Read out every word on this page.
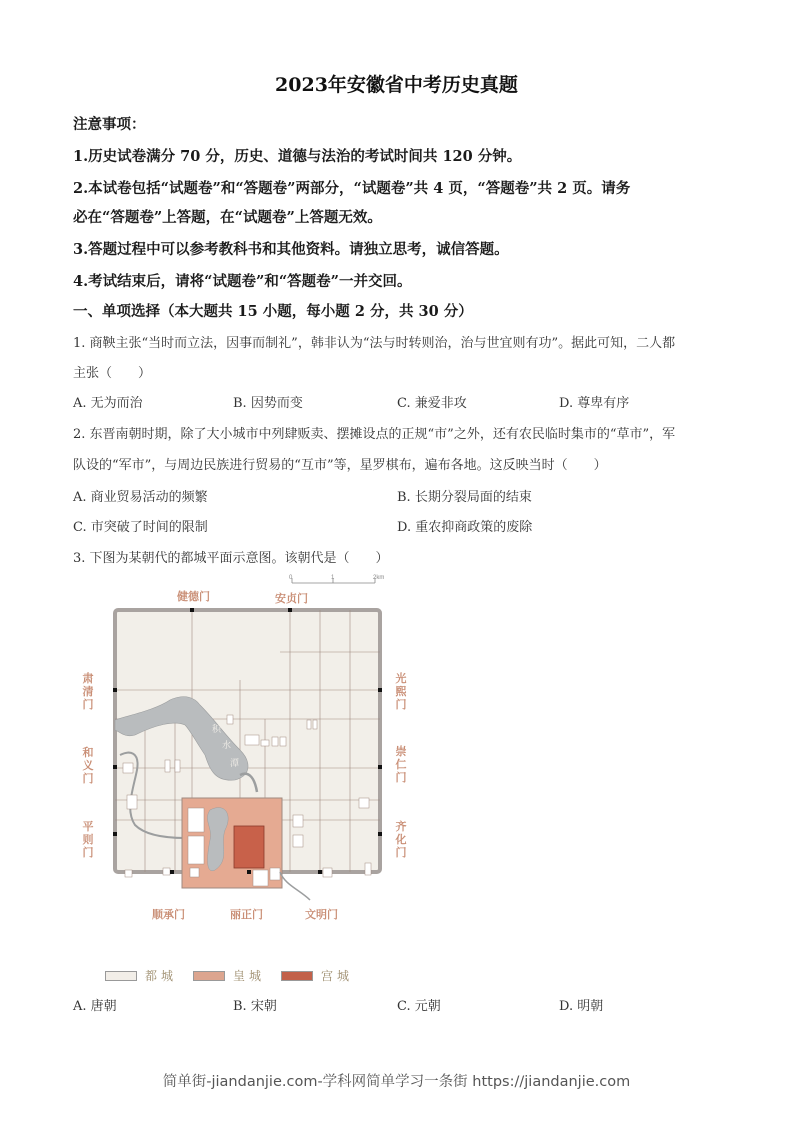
2023年安徽省中考历史真题
注意事项：
1.历史试卷满分 70 分，历史、道德与法治的考试时间共 120 分钟。
2.本试卷包括“试题卷”和“答题卷”两部分，“试题卷”共 4 页，“答题卷”共 2 页。请务
必在“答题卷”上答题，在“试题卷”上答题无效。
3.答题过程中可以参考教科书和其他资料。请独立思考，诚信答题。
4.考试结束后，请将“试题卷”和“答题卷”一并交回。
一、单项选择（本大题共 15 小题，每小题 2 分，共 30 分）
1. 商鞅主张“当时而立法，因事而制礼”，韩非认为“法与时转则治，治与世宜则有功”。据此可知，二人都
主张（　　）
A. 无为而治	B. 因势而变	C. 兼爱非攻	D. 尊卑有序
2. 东晋南朝时期，除了大小城市中列肆贩卖、摆摊设点的正规“市”之外，还有农民临时集市的“草市”，军
队设的“军市”，与周边民族进行贸易的“互市”等，星罗棋布，遍布各地。这反映当时（　　）
A. 商业贸易活动的频繁	B. 长期分裂局面的结束
C. 市突破了时间的限制	D. 重农抑商政策的废除
3. 下图为某朝代的都城平面示意图。该朝代是（　　）
0	1	2km
积
水
潭
健德门	安贞门
肃清门
和义门
平则门
光熙门
崇仁门
齐化门
顺承门	丽正门	文明门
都城	皇城	宫城
A. 唐朝	B. 宋朝	C. 元朝	D. 明朝
简单街-jiandanjie.com-学科网简单学习一条街 https://jiandanjie.com
